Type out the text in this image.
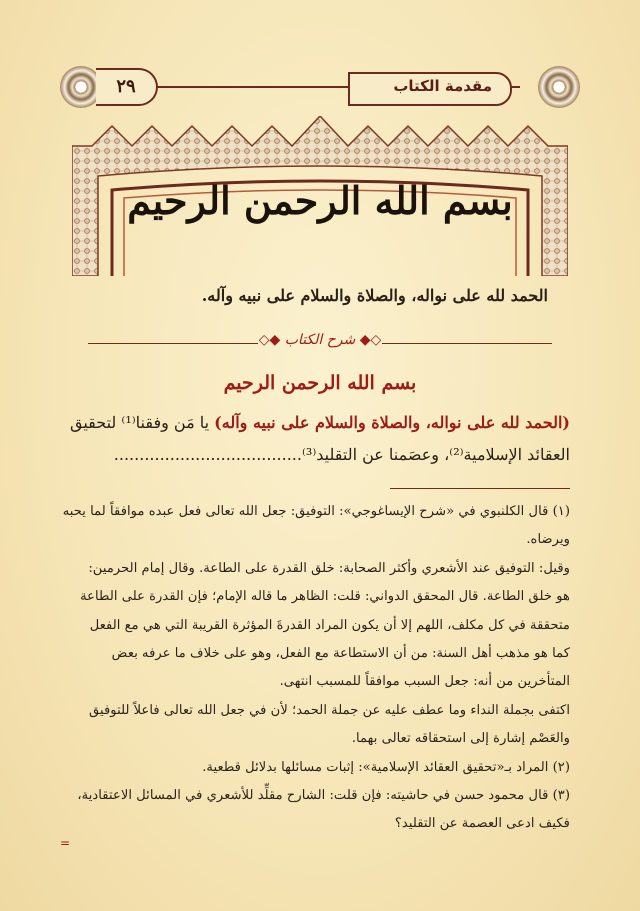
مقدمة الكتاب
٢٩
بسم الله الرحمن الرحيم
الحمد لله على نواله، والصلاة والسلام على نبيه وآله.
◇◆ شرح الكتاب ◆◇
بسم الله الرحمن الرحيم
(الحمد لله على نواله، والصلاة والسلام على نبيه وآله) يا مَن وفقنا⁽¹⁾ لتحقيق
العقائد الإسلامية⁽²⁾، وعصَمنا عن التقليد⁽³⁾.....................................
(١) قال الكلنبوي في «شرح الإيساغوجي»: التوفيق: جعل الله تعالى فعل عبده موافقاً لما يحبه
ويرضاه.
وقيل: التوفيق عند الأشعري وأكثر الصحابة: خلق القدرة على الطاعة. وقال إمام الحرمين:
هو خلق الطاعة. قال المحقق الدواني: قلت: الظاهر ما قاله الإمام؛ فإن القدرة على الطاعة
متحققة في كل مكلف، اللهم إلا أن يكون المراد القدرةَ المؤثرة القريبة التي هي مع الفعل
كما هو مذهب أهل السنة: من أن الاستطاعة مع الفعل، وهو على خلاف ما عرفه بعض
المتأخرين من أنه: جعل السبب موافقاً للمسبب انتهى.
اكتفى بجملة النداء وما عطف عليه عن جملة الحمد؛ لأن في جعل الله تعالى فاعلاً للتوفيق
والعَصْم إشارة إلى استحقاقه تعالى بهما.
(٢) المراد بـ«تحقيق العقائد الإسلامية»: إثبات مسائلها بدلائل قطعية.
(٣) قال محمود حسن في حاشيته: فإن قلت: الشارح مقلِّد للأشعري في المسائل الاعتقادية،
فكيف ادعى العصمة عن التقليد؟
=
